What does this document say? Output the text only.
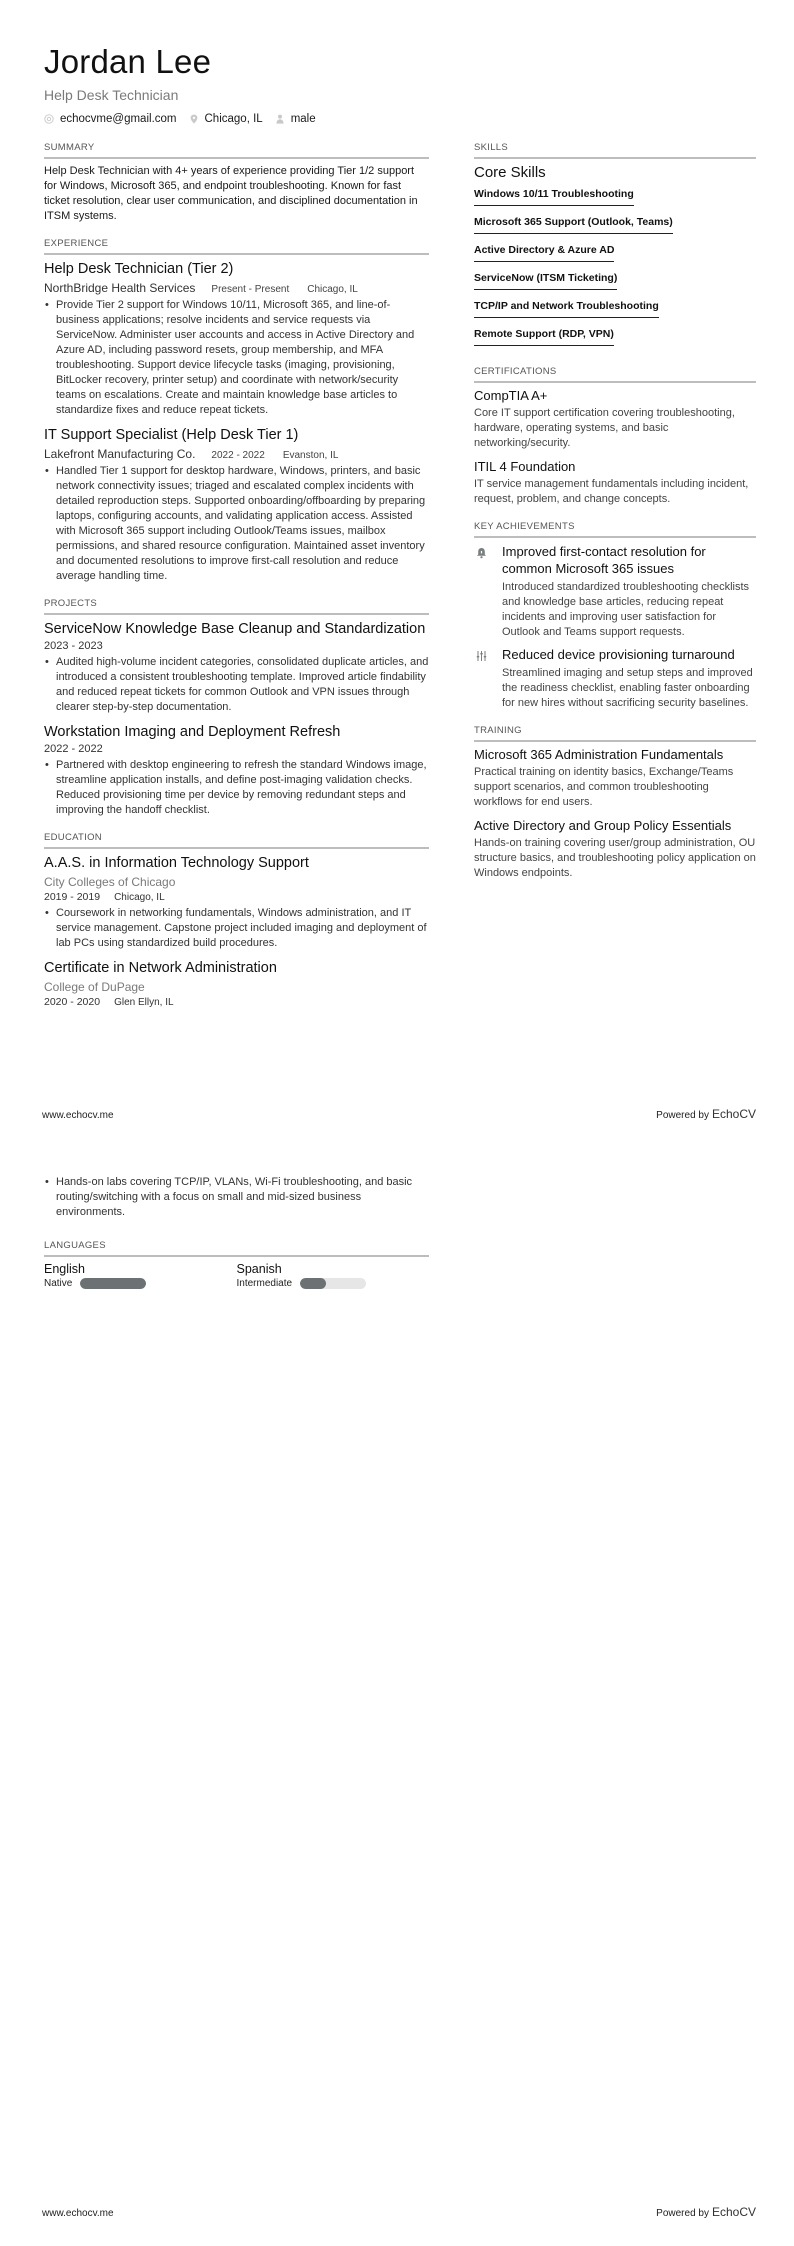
Jordan Lee
Help Desk Technician
echocvme@gmail.com Chicago, IL male
SUMMARY
Help Desk Technician with 4+ years of experience providing Tier 1/2 support for Windows, Microsoft 365, and endpoint troubleshooting. Known for fast ticket resolution, clear user communication, and disciplined documentation in ITSM systems.
EXPERIENCE
Help Desk Technician (Tier 2)
NorthBridge Health Services Present - Present Chicago, IL
• Provide Tier 2 support for Windows 10/11, Microsoft 365, and line-of-business applications; resolve incidents and service requests via ServiceNow. Administer user accounts and access in Active Directory and Azure AD, including password resets, group membership, and MFA troubleshooting. Support device lifecycle tasks (imaging, provisioning, BitLocker recovery, printer setup) and coordinate with network/security teams on escalations. Create and maintain knowledge base articles to standardize fixes and reduce repeat tickets.
IT Support Specialist (Help Desk Tier 1)
Lakefront Manufacturing Co. 2022 - 2022 Evanston, IL
• Handled Tier 1 support for desktop hardware, Windows, printers, and basic network connectivity issues; triaged and escalated complex incidents with detailed reproduction steps. Supported onboarding/offboarding by preparing laptops, configuring accounts, and validating application access. Assisted with Microsoft 365 support including Outlook/Teams issues, mailbox permissions, and shared resource configuration. Maintained asset inventory and documented resolutions to improve first-call resolution and reduce average handling time.
PROJECTS
ServiceNow Knowledge Base Cleanup and Standardization
2023 - 2023
• Audited high-volume incident categories, consolidated duplicate articles, and introduced a consistent troubleshooting template. Improved article findability and reduced repeat tickets for common Outlook and VPN issues through clearer step-by-step documentation.
Workstation Imaging and Deployment Refresh
2022 - 2022
• Partnered with desktop engineering to refresh the standard Windows image, streamline application installs, and define post-imaging validation checks. Reduced provisioning time per device by removing redundant steps and improving the handoff checklist.
EDUCATION
A.A.S. in Information Technology Support
City Colleges of Chicago
2019 - 2019 Chicago, IL
• Coursework in networking fundamentals, Windows administration, and IT service management. Capstone project included imaging and deployment of lab PCs using standardized build procedures.
Certificate in Network Administration
College of DuPage
2020 - 2020 Glen Ellyn, IL
SKILLS
Core Skills
Windows 10/11 Troubleshooting
Microsoft 365 Support (Outlook, Teams)
Active Directory & Azure AD
ServiceNow (ITSM Ticketing)
TCP/IP and Network Troubleshooting
Remote Support (RDP, VPN)
CERTIFICATIONS
CompTIA A+
Core IT support certification covering troubleshooting, hardware, operating systems, and basic networking/security.
ITIL 4 Foundation
IT service management fundamentals including incident, request, problem, and change concepts.
KEY ACHIEVEMENTS
Improved first-contact resolution for common Microsoft 365 issues
Introduced standardized troubleshooting checklists and knowledge base articles, reducing repeat incidents and improving user satisfaction for Outlook and Teams support requests.
Reduced device provisioning turnaround
Streamlined imaging and setup steps and improved the readiness checklist, enabling faster onboarding for new hires without sacrificing security baselines.
TRAINING
Microsoft 365 Administration Fundamentals
Practical training on identity basics, Exchange/Teams support scenarios, and common troubleshooting workflows for end users.
Active Directory and Group Policy Essentials
Hands-on training covering user/group administration, OU structure basics, and troubleshooting policy application on Windows endpoints.
www.echocv.me	Powered by EchoCV
• Hands-on labs covering TCP/IP, VLANs, Wi-Fi troubleshooting, and basic routing/switching with a focus on small and mid-sized business environments.
LANGUAGES
English
Native
Spanish
Intermediate
www.echocv.me	Powered by EchoCV
